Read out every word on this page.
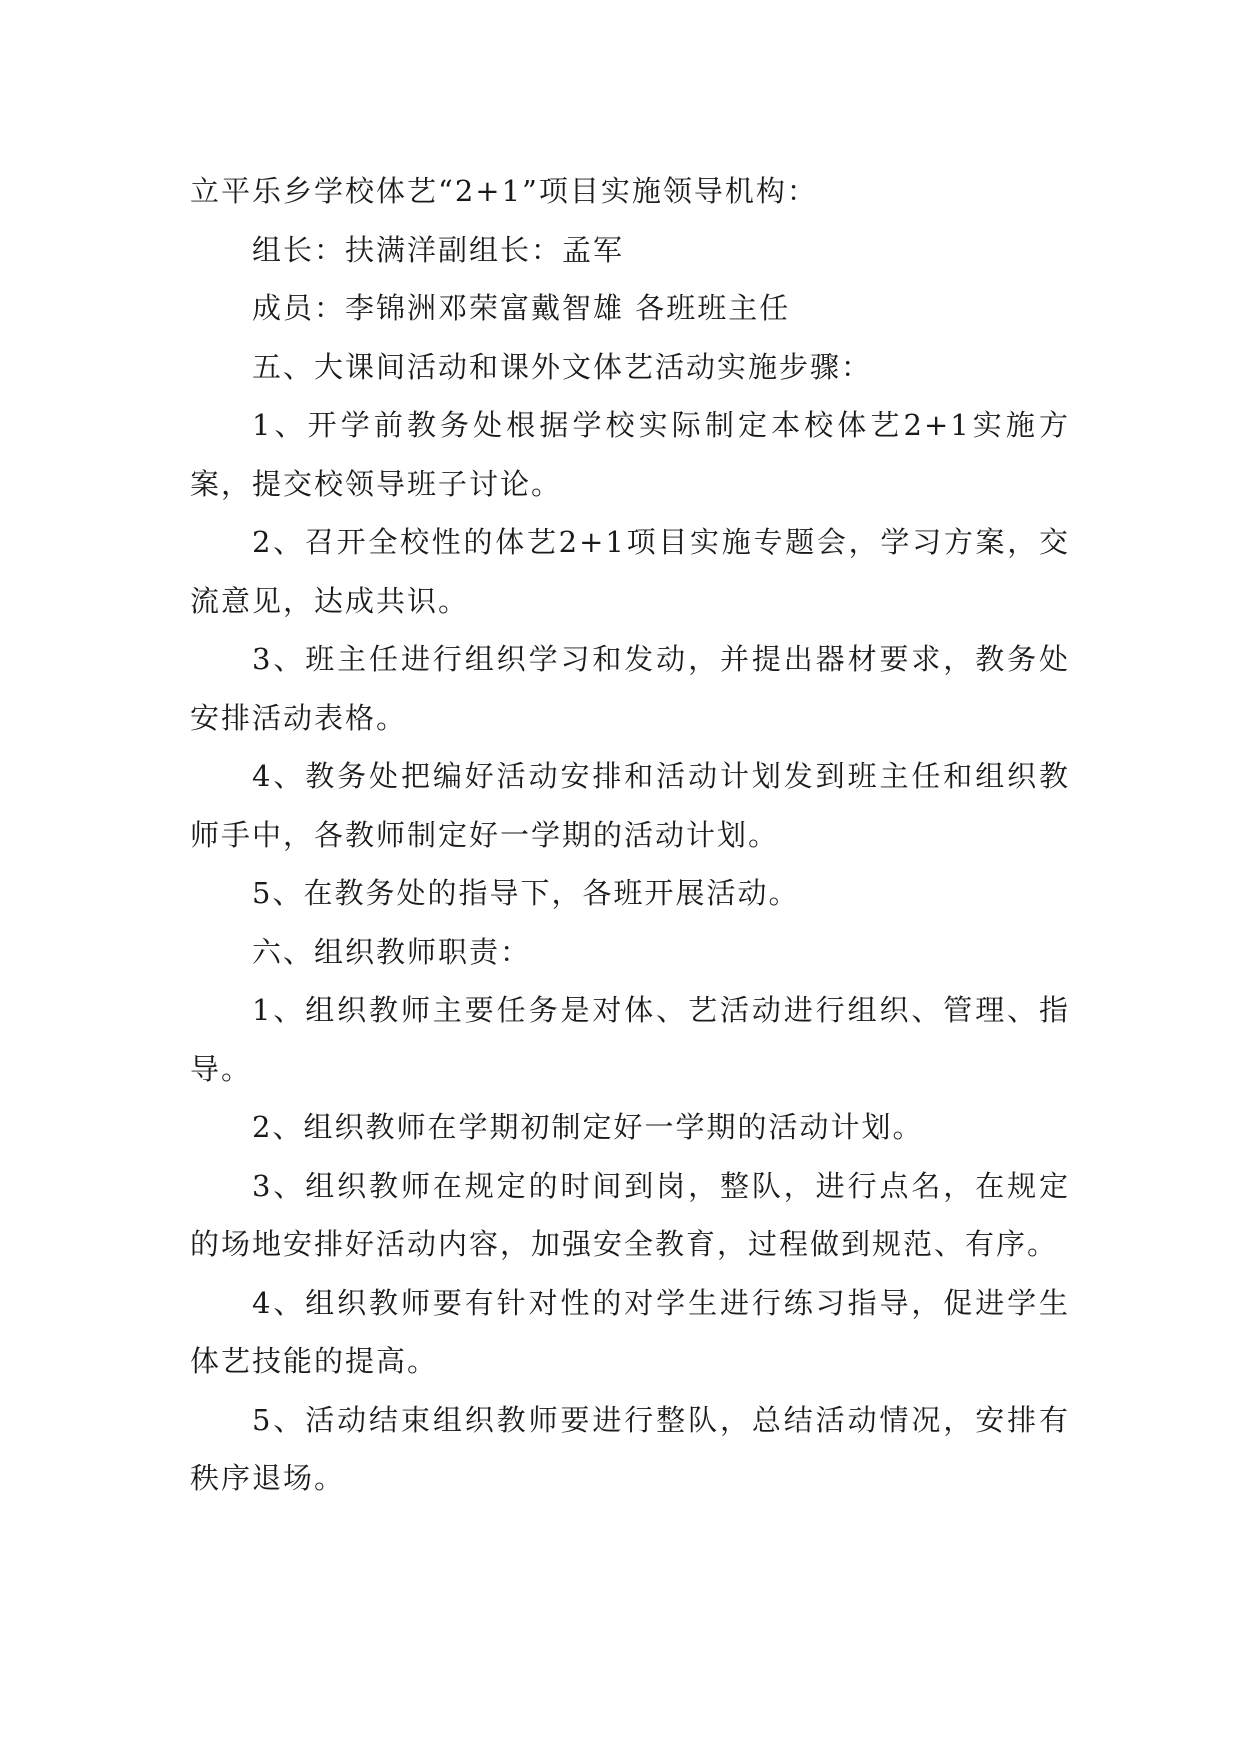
立平乐乡学校体艺“2+1”项目实施领导机构：

组长：扶满洋副组长：孟军

成员：李锦洲邓荣富戴智雄 各班班主任

五、大课间活动和课外文体艺活动实施步骤：

1、开学前教务处根据学校实际制定本校体艺2+1实施方案，提交校领导班子讨论。

2、召开全校性的体艺2+1项目实施专题会，学习方案，交流意见，达成共识。

3、班主任进行组织学习和发动，并提出器材要求，教务处安排活动表格。

4、教务处把编好活动安排和活动计划发到班主任和组织教师手中，各教师制定好一学期的活动计划。

5、在教务处的指导下，各班开展活动。

六、组织教师职责：

1、组织教师主要任务是对体、艺活动进行组织、管理、指导。

2、组织教师在学期初制定好一学期的活动计划。

3、组织教师在规定的时间到岗，整队，进行点名，在规定的场地安排好活动内容，加强安全教育，过程做到规范、有序。

4、组织教师要有针对性的对学生进行练习指导，促进学生体艺技能的提高。

5、活动结束组织教师要进行整队，总结活动情况，安排有秩序退场。
